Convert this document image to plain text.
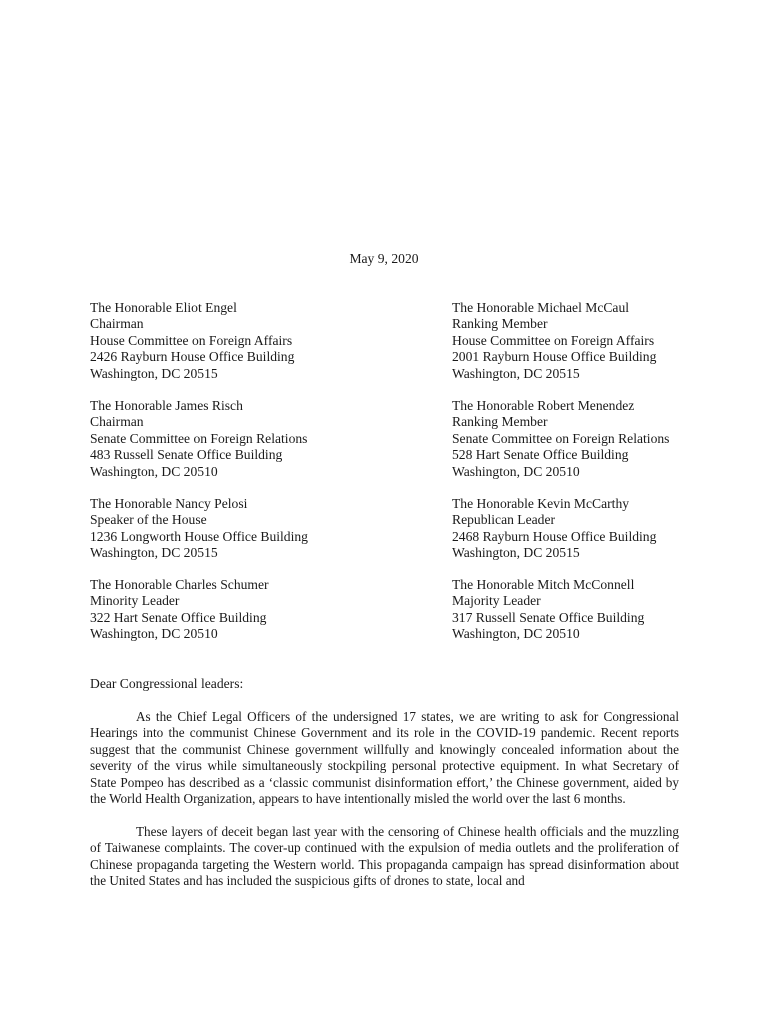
May 9, 2020
The Honorable Eliot Engel
Chairman
House Committee on Foreign Affairs
2426 Rayburn House Office Building
Washington, DC 20515
The Honorable Michael McCaul
Ranking Member
House Committee on Foreign Affairs
2001 Rayburn House Office Building
Washington, DC 20515
The Honorable James Risch
Chairman
Senate Committee on Foreign Relations
483 Russell Senate Office Building
Washington, DC 20510
The Honorable Robert Menendez
Ranking Member
Senate Committee on Foreign Relations
528 Hart Senate Office Building
Washington, DC 20510
The Honorable Nancy Pelosi
Speaker of the House
1236 Longworth House Office Building
Washington, DC 20515
The Honorable Kevin McCarthy
Republican Leader
2468 Rayburn House Office Building
Washington, DC 20515
The Honorable Charles Schumer
Minority Leader
322 Hart Senate Office Building
Washington, DC 20510
The Honorable Mitch McConnell
Majority Leader
317 Russell Senate Office Building
Washington, DC 20510
Dear Congressional leaders:

As the Chief Legal Officers of the undersigned 17 states, we are writing to ask for Congressional Hearings into the communist Chinese Government and its role in the COVID-19 pandemic. Recent reports suggest that the communist Chinese government willfully and knowingly concealed information about the severity of the virus while simultaneously stockpiling personal protective equipment. In what Secretary of State Pompeo has described as a ‘classic communist disinformation effort,’ the Chinese government, aided by the World Health Organization, appears to have intentionally misled the world over the last 6 months.

These layers of deceit began last year with the censoring of Chinese health officials and the muzzling of Taiwanese complaints. The cover-up continued with the expulsion of media outlets and the proliferation of Chinese propaganda targeting the Western world. This propaganda campaign has spread disinformation about the United States and has included the suspicious gifts of drones to state, local and
